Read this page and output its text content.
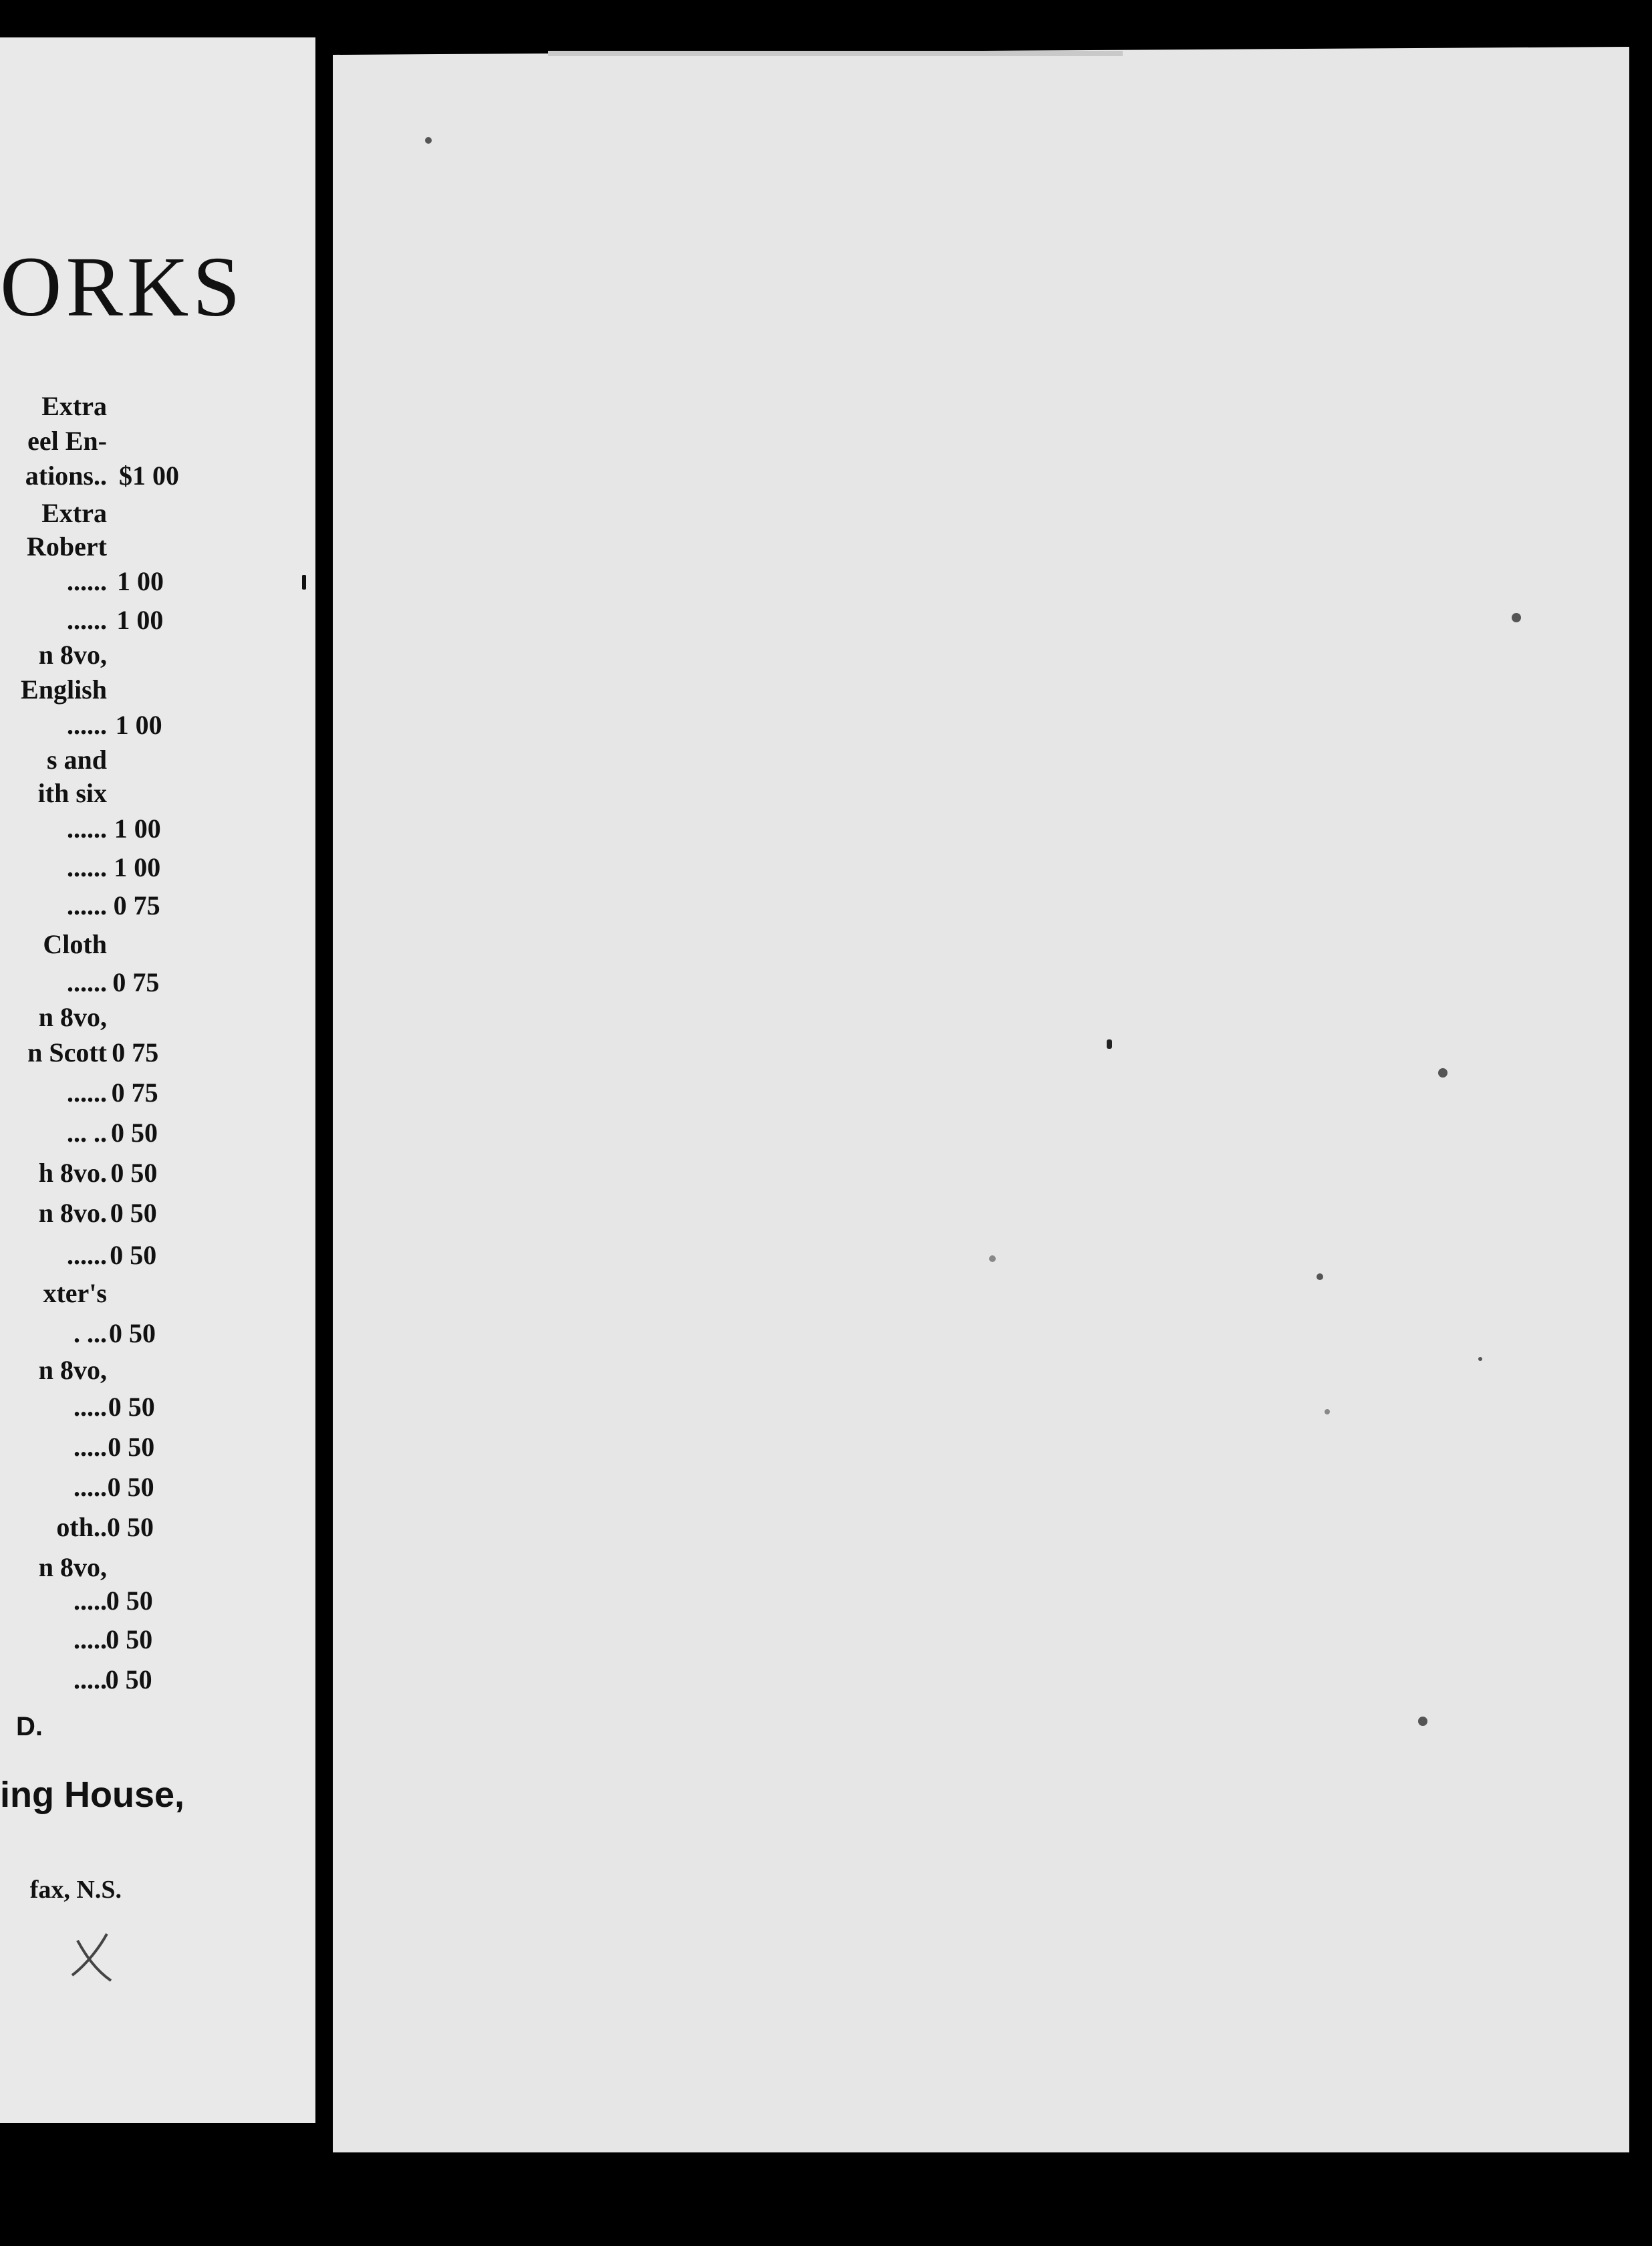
ORKS
Extra
eel En-
ations.. $1 00
Extra
Robert
...... 1 00
...... 1 00
n 8vo,
English
...... 1 00
s and
ith six
...... 1 00
...... 1 00
...... 0 75
Cloth
...... 0 75
n 8vo,
n Scott 0 75
...... 0 75
... .. 0 50
h 8vo. 0 50
n 8vo. 0 50
...... 0 50
xter's
. ... 0 50
n 8vo,
..... 0 50
..... 0 50
..... 0 50
oth.. 0 50
n 8vo,
.....
0 50
.....
0 50
.....
0 50
D.
ing House,
fax, N.S.
